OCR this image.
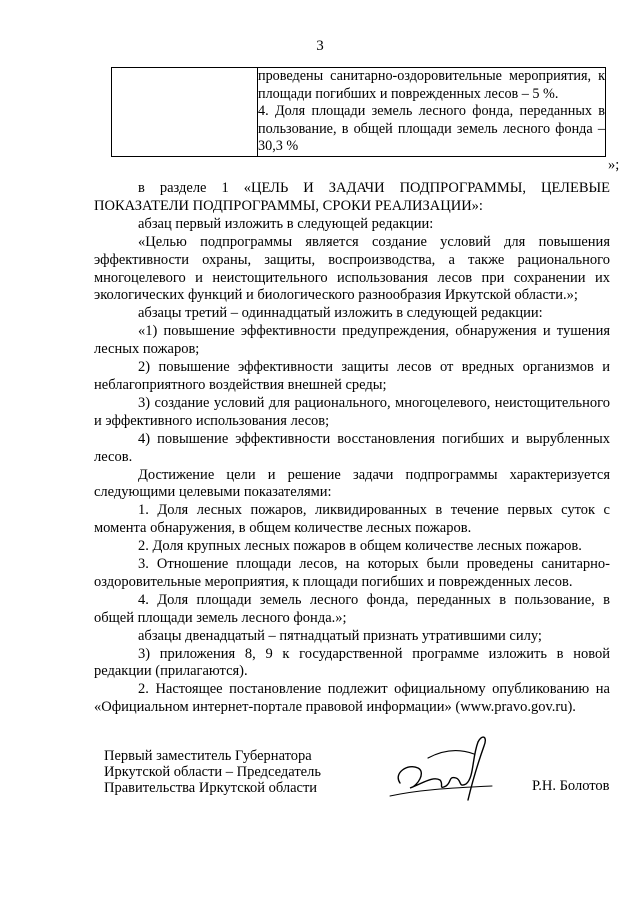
3

проведены санитарно-оздоровительные мероприятия, к площади погибших и поврежденных лесов – 5 %.
4. Доля площади земель лесного фонда, переданных в пользование, в общей площади земель лесного фонда – 30,3 %
»;

в разделе 1 «ЦЕЛЬ И ЗАДАЧИ ПОДПРОГРАММЫ, ЦЕЛЕВЫЕ ПОКАЗАТЕЛИ ПОДПРОГРАММЫ, СРОКИ РЕАЛИЗАЦИИ»:

абзац первый изложить в следующей редакции:

«Целью подпрограммы является создание условий для повышения эффективности охраны, защиты, воспроизводства, а также рационального многоцелевого и неистощительного использования лесов при сохранении их экологических функций и биологического разнообразия Иркутской области.»;

абзацы третий – одиннадцатый изложить в следующей редакции:

«1) повышение эффективности предупреждения, обнаружения и тушения лесных пожаров;

2) повышение эффективности защиты лесов от вредных организмов и неблагоприятного воздействия внешней среды;

3) создание условий для рационального, многоцелевого, неистощительного и эффективного использования лесов;

4) повышение эффективности восстановления погибших и вырубленных лесов.

Достижение цели и решение задачи подпрограммы характеризуется следующими целевыми показателями:

1. Доля лесных пожаров, ликвидированных в течение первых суток с момента обнаружения, в общем количестве лесных пожаров.

2. Доля крупных лесных пожаров в общем количестве лесных пожаров.

3. Отношение площади лесов, на которых были проведены санитарно-оздоровительные мероприятия, к площади погибших и поврежденных лесов.

4. Доля площади земель лесного фонда, переданных в пользование, в общей площади земель лесного фонда.»;

абзацы двенадцатый – пятнадцатый признать утратившими силу;

3) приложения 8, 9 к государственной программе изложить в новой редакции (прилагаются).

2. Настоящее постановление подлежит официальному опубликованию на «Официальном интернет-портале правовой информации» (www.pravo.gov.ru).

Первый заместитель Губернатора
Иркутской области – Председатель
Правительства Иркутской области	Р.Н. Болотов
